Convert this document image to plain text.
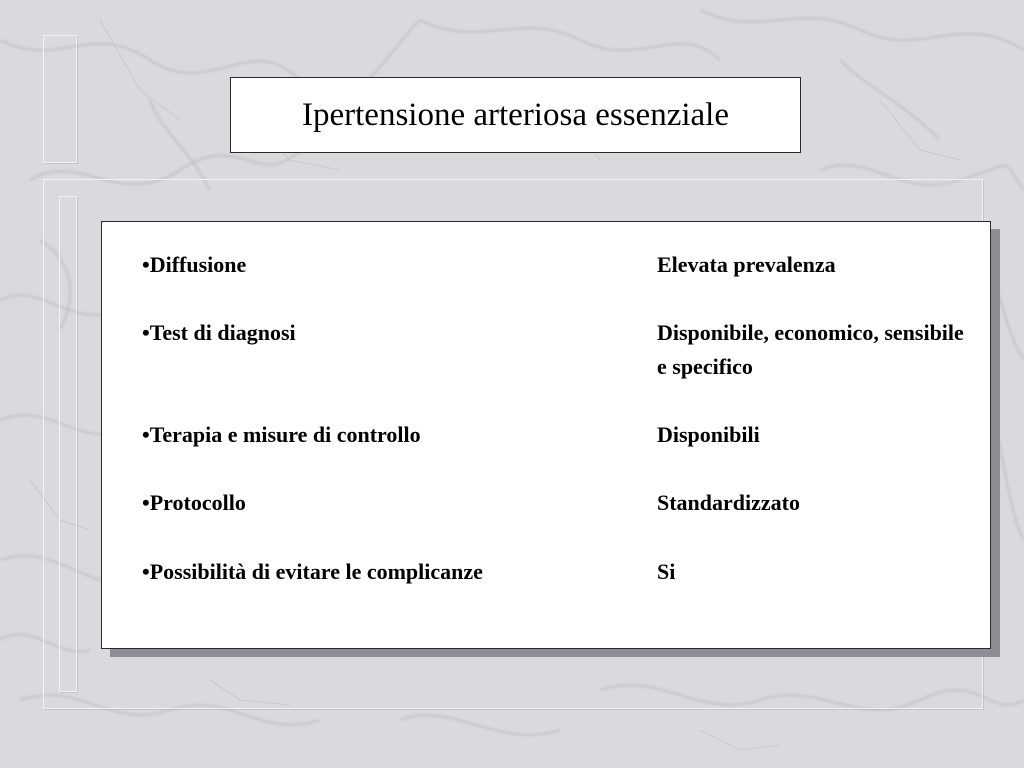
Ipertensione arteriosa essenziale
•Diffusione	Elevata prevalenza
•Test di diagnosi	Disponibile, economico, sensibile e specifico
•Terapia e misure di controllo	Disponibili
•Protocollo	Standardizzato
•Possibilità di evitare le complicanze	Si
